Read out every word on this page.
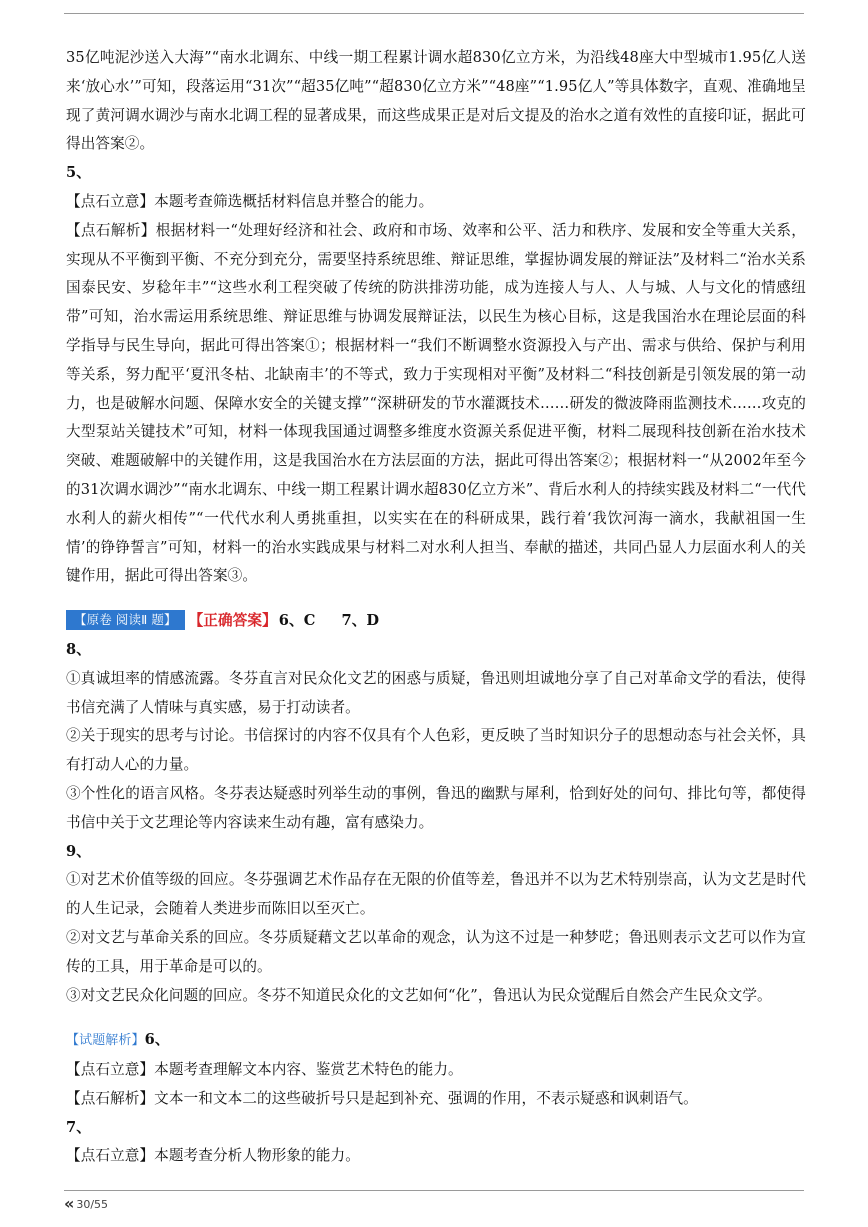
35亿吨泥沙送入大海”“南水北调东、中线一期工程累计调水超830亿立方米，为沿线48座大中型城市1.95亿人送来‘放心水’”可知，段落运用“31次”“超35亿吨”“超830亿立方米”“48座”“1.95亿人”等具体数字，直观、准确地呈现了黄河调水调沙与南水北调工程的显著成果，而这些成果正是对后文提及的治水之道有效性的直接印证，据此可得出答案②。

5、

【点石立意】本题考查筛选概括材料信息并整合的能力。

【点石解析】根据材料一“处理好经济和社会、政府和市场、效率和公平、活力和秩序、发展和安全等重大关系，实现从不平衡到平衡、不充分到充分，需要坚持系统思维、辩证思维，掌握协调发展的辩证法”及材料二“治水关系国泰民安、岁稔年丰”“这些水利工程突破了传统的防洪排涝功能，成为连接人与人、人与城、人与文化的情感纽带”可知，治水需运用系统思维、辩证思维与协调发展辩证法，以民生为核心目标，这是我国治水在理论层面的科学指导与民生导向，据此可得出答案①；根据材料一“我们不断调整水资源投入与产出、需求与供给、保护与利用等关系，努力配平‘夏汛冬枯、北缺南丰’的不等式，致力于实现相对平衡”及材料二“科技创新是引领发展的第一动力，也是破解水问题、保障水安全的关键支撑”“深耕研发的节水灌溉技术……研发的微波降雨监测技术……攻克的大型泵站关键技术”可知，材料一体现我国通过调整多维度水资源关系促进平衡，材料二展现科技创新在治水技术突破、难题破解中的关键作用，这是我国治水在方法层面的方法，据此可得出答案②；根据材料一“从2002年至今的31次调水调沙”“南水北调东、中线一期工程累计调水超830亿立方米”、背后水利人的持续实践及材料二“一代代水利人的薪火相传”“一代代水利人勇挑重担，以实实在在的科研成果，践行着‘我饮河海一滴水，我献祖国一生情’的铮铮誓言”可知，材料一的治水实践成果与材料二对水利人担当、奉献的描述，共同凸显人力层面水利人的关键作用，据此可得出答案③。

【原卷 阅读Ⅱ 题】 【正确答案】 6、C 7、D

8、

①真诚坦率的情感流露。冬芬直言对民众化文艺的困惑与质疑，鲁迅则坦诚地分享了自己对革命文学的看法，使得书信充满了人情味与真实感，易于打动读者。

②关于现实的思考与讨论。书信探讨的内容不仅具有个人色彩，更反映了当时知识分子的思想动态与社会关怀，具有打动人心的力量。

③个性化的语言风格。冬芬表达疑惑时列举生动的事例，鲁迅的幽默与犀利，恰到好处的问句、排比句等，都使得书信中关于文艺理论等内容读来生动有趣，富有感染力。

9、

①对艺术价值等级的回应。冬芬强调艺术作品存在无限的价值等差，鲁迅并不以为艺术特别崇高，认为文艺是时代的人生记录，会随着人类进步而陈旧以至灭亡。

②对文艺与革命关系的回应。冬芬质疑藉文艺以革命的观念，认为这不过是一种梦呓；鲁迅则表示文艺可以作为宣传的工具，用于革命是可以的。

③对文艺民众化问题的回应。冬芬不知道民众化的文艺如何“化”，鲁迅认为民众觉醒后自然会产生民众文学。

【试题解析】6、

【点石立意】本题考查理解文本内容、鉴赏艺术特色的能力。

【点石解析】文本一和文本二的这些破折号只是起到补充、强调的作用，不表示疑惑和讽刺语气。

7、

【点石立意】本题考查分析人物形象的能力。

« 30/55
